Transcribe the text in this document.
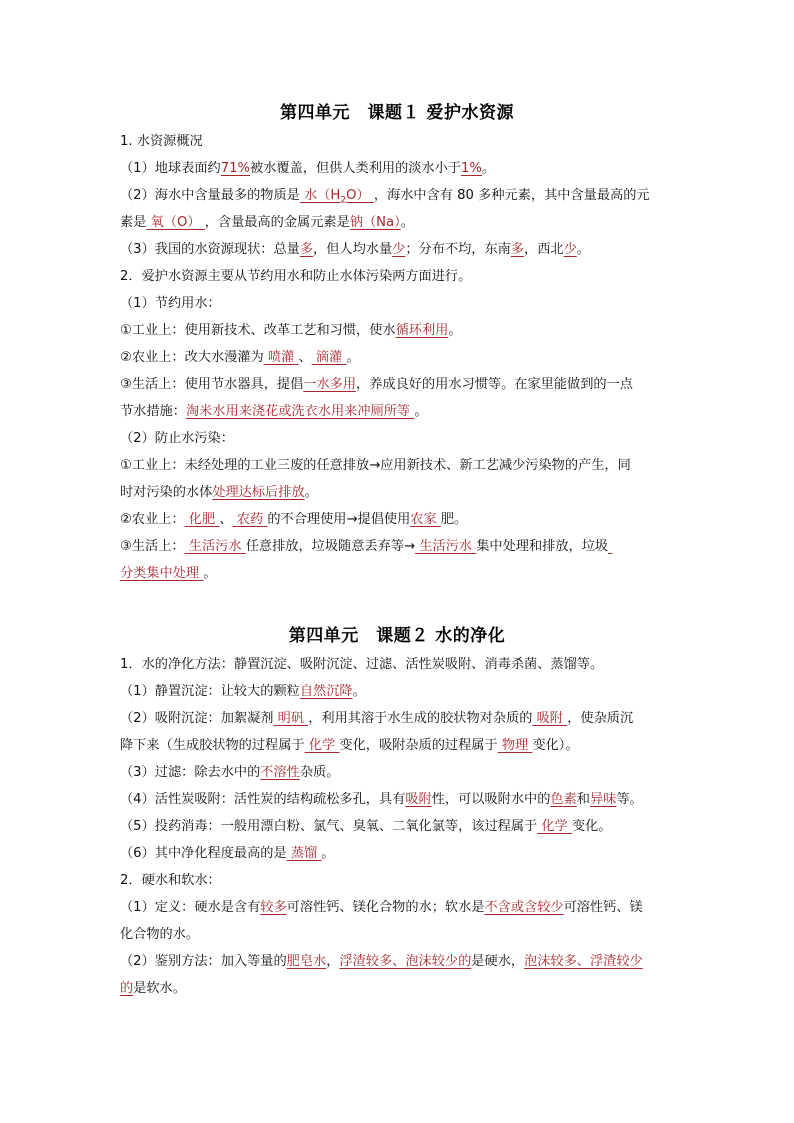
第四单元　课题１ 爱护水资源
1. 水资源概况
（1）地球表面约71%被水覆盖，但供人类利用的淡水小于1%。
（2）海水中含量最多的物质是 水$(H_2O)$ ，海水中含有 80 多种元素，其中含量最高的元
素是 氧（O） ，含量最高的金属元素是钠（Na）。
（3）我国的水资源现状：总量多，但人均水量少；分布不均，东南多，西北少。
2．爱护水资源主要从节约用水和防止水体污染两方面进行。
（1）节约用水：
①工业上：使用新技术、改革工艺和习惯，使水循环利用。
②农业上：改大水漫灌为 喷灌 、 滴灌 。
③生活上：使用节水器具，提倡一水多用，养成良好的用水习惯等。在家里能做到的一点
节水措施：淘米水用来浇花或洗衣水用来冲厕所等 。
（2）防止水污染：
①工业上：未经处理的工业三废的任意排放→应用新技术、新工艺减少污染物的产生，同
时对污染的水体处理达标后排放。
②农业上： 化肥 、 农药 的不合理使用→提倡使用农家 肥。
③生活上： 生活污水 任意排放，垃圾随意丢弃等→ 生活污水 集中处理和排放，垃圾
分类集中处理 。
第四单元　课题２ 水的净化
1．水的净化方法：静置沉淀、吸附沉淀、过滤、活性炭吸附、消毒杀菌、蒸馏等。
（1）静置沉淀：让较大的颗粒自然沉降。
（2）吸附沉淀：加絮凝剂 明矾 ，利用其溶于水生成的胶状物对杂质的 吸附 ，使杂质沉
降下来（生成胶状物的过程属于 化学 变化，吸附杂质的过程属于 物理 变化）。
（3）过滤：除去水中的不溶性杂质。
（4）活性炭吸附：活性炭的结构疏松多孔，具有吸附性，可以吸附水中的色素和异味等。
（5）投药消毒：一般用漂白粉、氯气、臭氧、二氧化氯等，该过程属于 化学 变化。
（6）其中净化程度最高的是 蒸馏 。
2．硬水和软水：
（1）定义：硬水是含有较多可溶性钙、镁化合物的水；软水是不含或含较少可溶性钙、镁
化合物的水。
（2）鉴别方法：加入等量的肥皂水，浮渣较多、泡沫较少的是硬水，泡沫较多、浮渣较少
的是软水。
